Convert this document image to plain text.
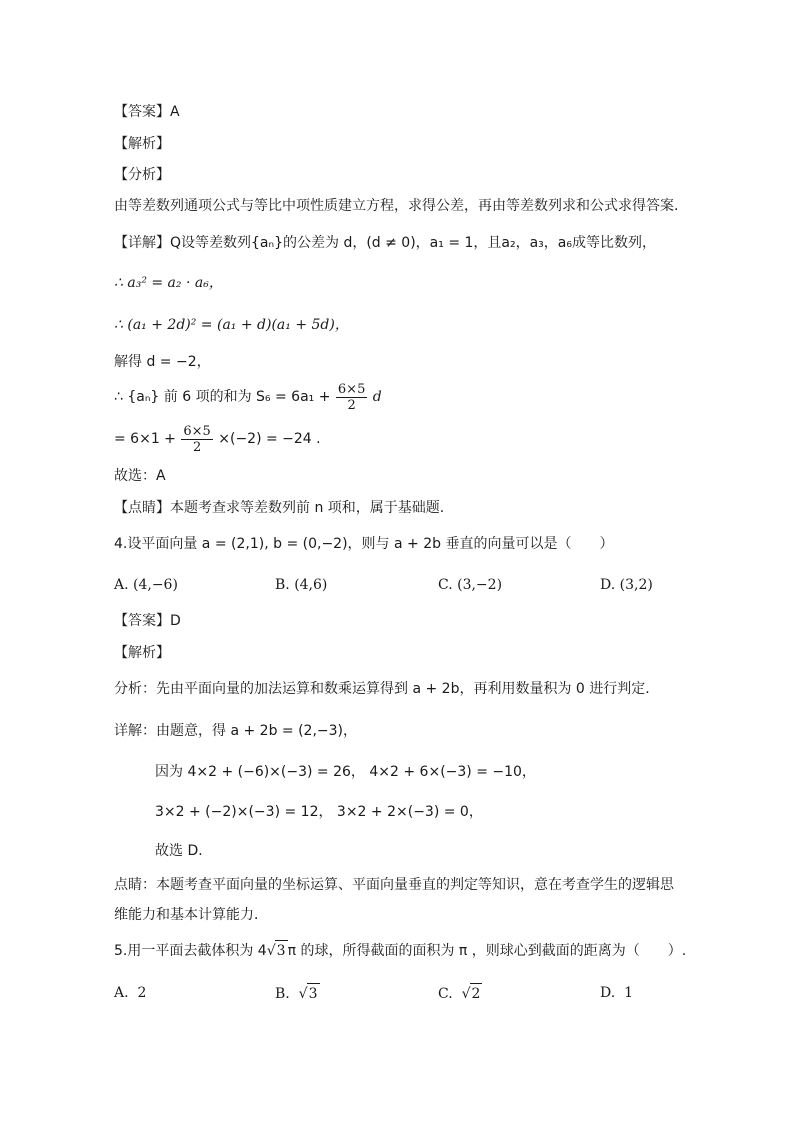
【答案】A
【解析】
【分析】
由等差数列通项公式与等比中项性质建立方程，求得公差，再由等差数列求和公式求得答案.
【详解】Q设等差数列{aₙ}的公差为 d，(d ≠ 0)，a₁ = 1，且a₂，a₃，a₆成等比数列，
∴ a₃² = a₂ · a₆，
∴ (a₁ + 2d)² = (a₁ + d)(a₁ + 5d)，
解得 d = −2，
∴ {aₙ} 前 6 项的和为 $S_6 = 6a_1 + \frac{6\times 5}{2}$ d
= $6\times 1 + \frac{6\times 5}{2} \times(-2) = -24$ .
故选：A
【点睛】本题考查求等差数列前 n 项和，属于基础题.
4.设平面向量 a = (2,1), b = (0,−2)，则与 a + 2b 垂直的向量可以是（　　）
A. (4,−6)	B. (4,6)	C. (3,−2)	D. (3,2)
【答案】D
【解析】
分析：先由平面向量的加法运算和数乘运算得到 a + 2b，再利用数量积为 0 进行判定．
详解：由题意，得 a + 2b = (2,−3)，
因为 4×2 + (−6)×(−3) = 26， 4×2 + 6×(−3) = −10，
3×2 + (−2)×(−3) = 12， 3×2 + 2×(−3) = 0，
故选 D．
点睛：本题考查平面向量的坐标运算、平面向量垂直的判定等知识，意在考查学生的逻辑思
维能力和基本计算能力．
5.用一平面去截体积为 4√3 π 的球，所得截面的面积为 π ，则球心到截面的距离为（　　）.
A. 2	B. √3	C. √2	D. 1
